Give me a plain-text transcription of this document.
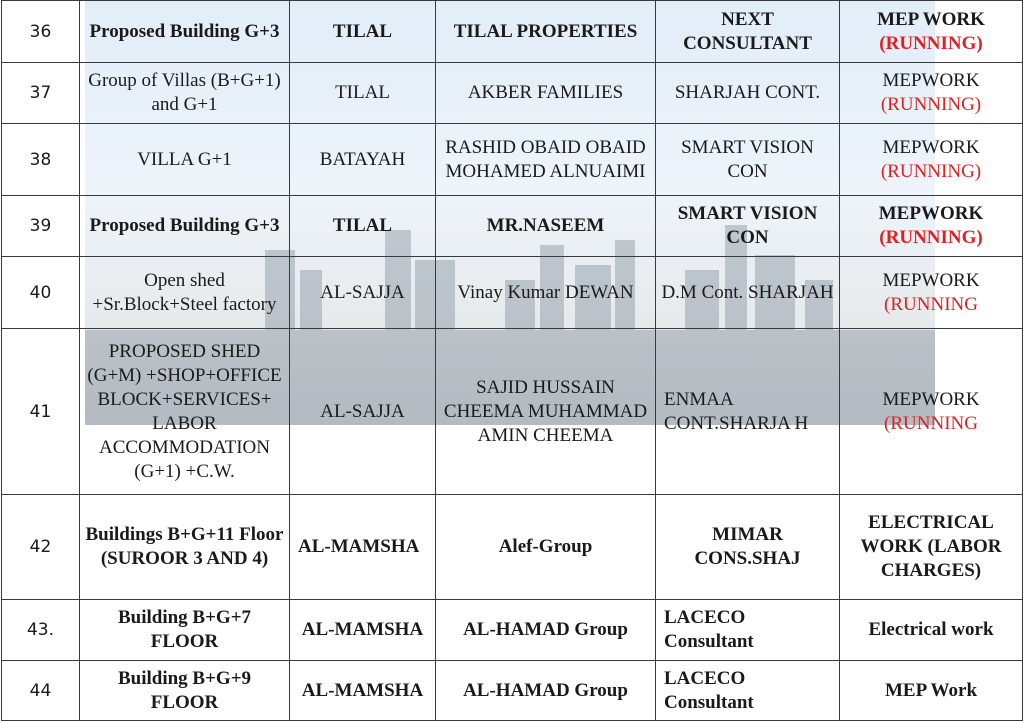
36	Proposed Building G+3	TILAL	TILAL PROPERTIES	NEXT CONSULTANT	MEP WORK
(RUNNING)

37	Group of Villas (B+G+1) and G+1	TILAL	AKBER FAMILIES	SHARJAH CONT.	MEPWORK
(RUNNING)

38	VILLA G+1	BATAYAH	RASHID OBAID OBAID MOHAMED ALNUAIMI	SMART VISION CON	MEPWORK
(RUNNING)

39	Proposed Building G+3	TILAL	MR.NASEEM	SMART VISION CON	MEPWORK
(RUNNING)

40	Open shed +Sr.Block+Steel factory	AL-SAJJA	Vinay Kumar DEWAN	D.M Cont. SHARJAH	MEPWORK
(RUNNING

41	PROPOSED SHED (G+M) +SHOP+OFFICE BLOCK+SERVICES+ LABOR ACCOMMODATION (G+1) +C.W.	AL-SAJJA	SAJID HUSSAIN CHEEMA MUHAMMAD AMIN CHEEMA	ENMAA CONT.SHARJA H	MEPWORK
(RUNNING

42	Buildings B+G+11 Floor (SUROOR 3 AND 4)	AL-MAMSHA	Alef-Group	MIMAR CONS.SHAJ	ELECTRICAL WORK (LABOR CHARGES)

43.	Building B+G+7 FLOOR	AL-MAMSHA	AL-HAMAD Group	LACECO Consultant	Electrical work

44	Building B+G+9 FLOOR	AL-MAMSHA	AL-HAMAD Group	LACECO Consultant	MEP Work
